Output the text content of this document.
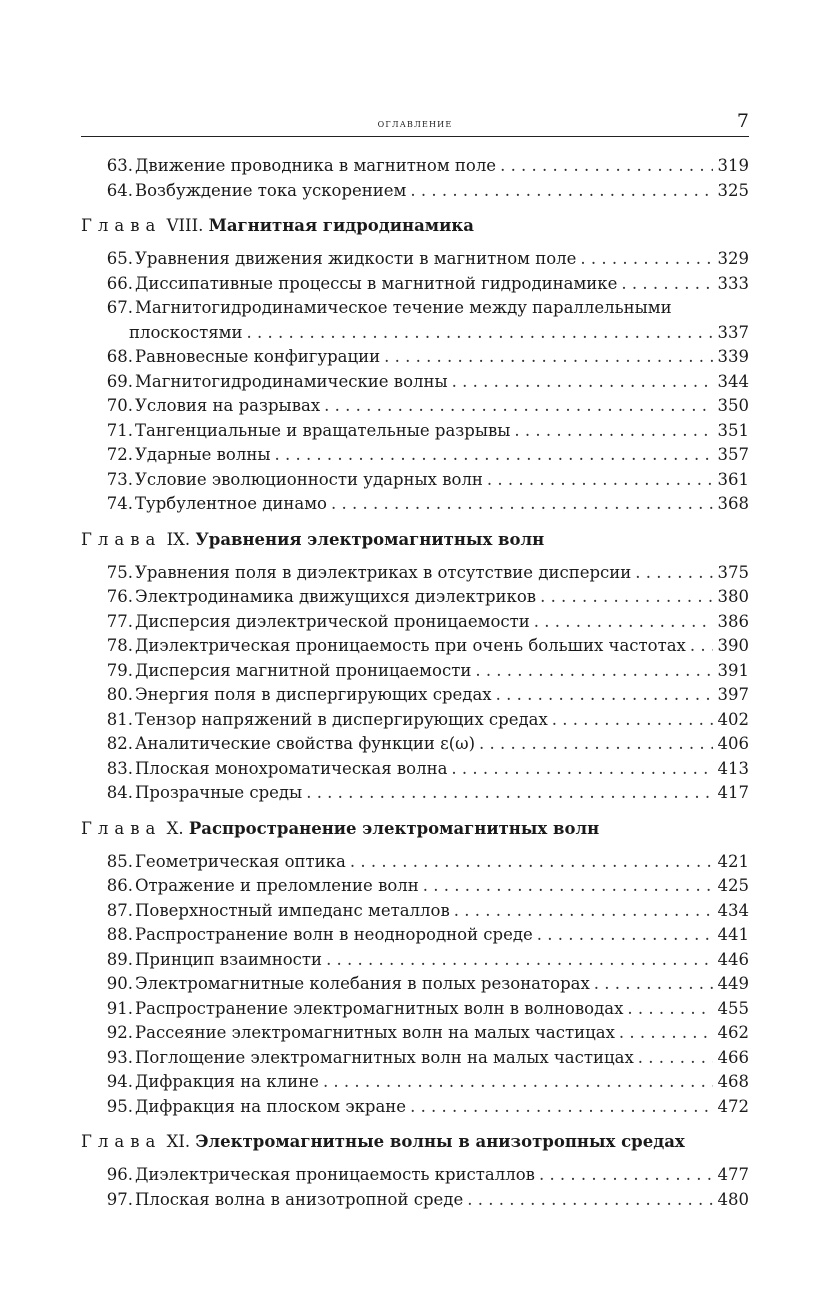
оглавление	7
63. Движение проводника в магнитном поле . . .	319
64. Возбуждение тока ускорением . . .	325
Глава VIII. Магнитная гидродинамика
65. Уравнения движения жидкости в магнитном поле . . .	329
66. Диссипативные процессы в магнитной гидродинамике . . .	333
67. Магнитогидродинамическое течение между параллельными
плоскостями . . .	337
68. Равновесные конфигурации . . .	339
69. Магнитогидродинамические волны . . .	344
70. Условия на разрывах . . .	350
71. Тангенциальные и вращательные разрывы . . .	351
72. Ударные волны . . .	357
73. Условие эволюционности ударных волн . . .	361
74. Турбулентное динамо . . .	368
Глава IX. Уравнения электромагнитных волн
75. Уравнения поля в диэлектриках в отсутствие дисперсии . . .	375
76. Электродинамика движущихся диэлектриков . . .	380
77. Дисперсия диэлектрической проницаемости . . .	386
78. Диэлектрическая проницаемость при очень больших частотах . . . 390
79. Дисперсия магнитной проницаемости . . .	391
80. Энергия поля в диспергирующих средах . . .	397
81. Тензор напряжений в диспергирующих средах . . .	402
82. Аналитические свойства функции ε(ω) . . .	406
83. Плоская монохроматическая волна . . .	413
84. Прозрачные среды . . .	417
Глава X. Распространение электромагнитных волн
85. Геометрическая оптика . . .	421
86. Отражение и преломление волн . . .	425
87. Поверхностный импеданс металлов . . .	434
88. Распространение волн в неоднородной среде . . .	441
89. Принцип взаимности . . .	446
90. Электромагнитные колебания в полых резонаторах . . .	449
91. Распространение электромагнитных волн в волноводах . . .	455
92. Рассеяние электромагнитных волн на малых частицах . . .	462
93. Поглощение электромагнитных волн на малых частицах . . .	466
94. Дифракция на клине . . .	468
95. Дифракция на плоском экране . . .	472
Глава XI. Электромагнитные волны в анизотропных средах
96. Диэлектрическая проницаемость кристаллов . . .	477
97. Плоская волна в анизотропной среде . . .	480
